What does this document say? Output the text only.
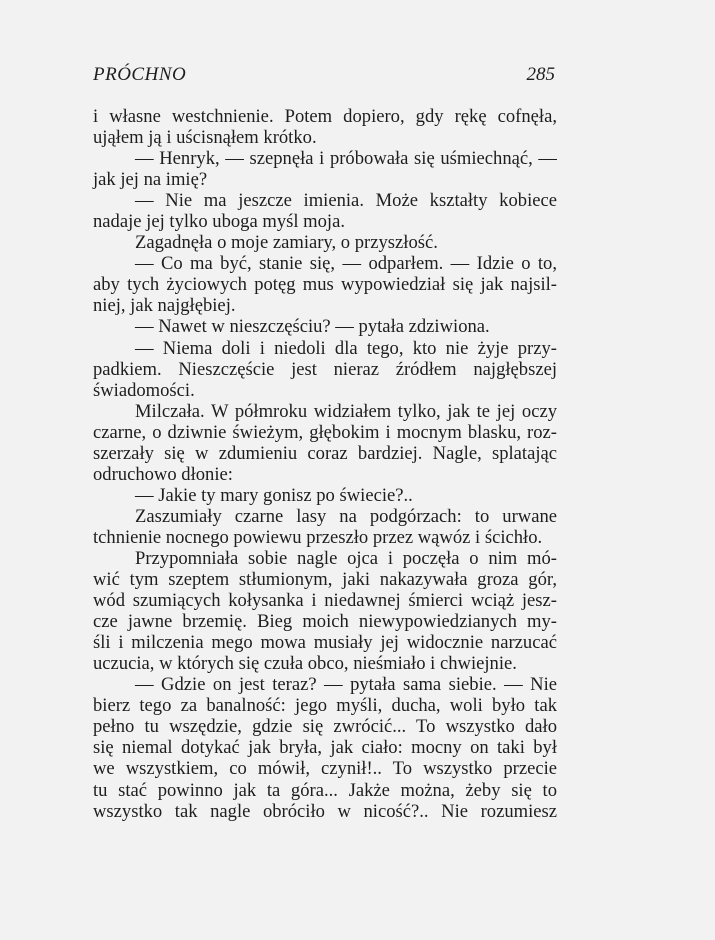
PRÓCHNO	285
i własne westchnienie. Potem dopiero, gdy rękę cofnęła,
ująłem ją i uścisnąłem krótko.
— Henryk, — szepnęła i próbowała się uśmiechnąć, —
jak jej na imię?
— Nie ma jeszcze imienia. Może kształty kobiece
nadaje jej tylko uboga myśl moja.
Zagadnęła o moje zamiary, o przyszłość.
— Co ma być, stanie się, — odparłem. — Idzie o to,
aby tych życiowych potęg mus wypowiedział się jak najsil-
niej, jak najgłębiej.
— Nawet w nieszczęściu? — pytała zdziwiona.
— Niema doli i niedoli dla tego, kto nie żyje przy-
padkiem. Nieszczęście jest nieraz źródłem najgłębszej
świadomości.
Milczała. W półmroku widziałem tylko, jak te jej oczy
czarne, o dziwnie świeżym, głębokim i mocnym blasku, roz-
szerzały się w zdumieniu coraz bardziej. Nagle, splatając
odruchowo dłonie:
— Jakie ty mary gonisz po świecie?..
Zaszumiały czarne lasy na podgórzach: to urwane
tchnienie nocnego powiewu przeszło przez wąwóz i ścichło.
Przypomniała sobie nagle ojca i poczęła o nim mó-
wić tym szeptem stłumionym, jaki nakazywała groza gór,
wód szumiących kołysanka i niedawnej śmierci wciąż jesz-
cze jawne brzemię. Bieg moich niewypowiedzianych my-
śli i milczenia mego mowa musiały jej widocznie narzucać
uczucia, w których się czuła obco, nieśmiało i chwiejnie.
— Gdzie on jest teraz? — pytała sama siebie. — Nie
bierz tego za banalność: jego myśli, ducha, woli było tak
pełno tu wszędzie, gdzie się zwrócić... To wszystko dało
się niemal dotykać jak bryła, jak ciało: mocny on taki był
we wszystkiem, co mówił, czynił!.. To wszystko przecie
tu stać powinno jak ta góra... Jakże można, żeby się to
wszystko tak nagle obróciło w nicość?.. Nie rozumiesz
